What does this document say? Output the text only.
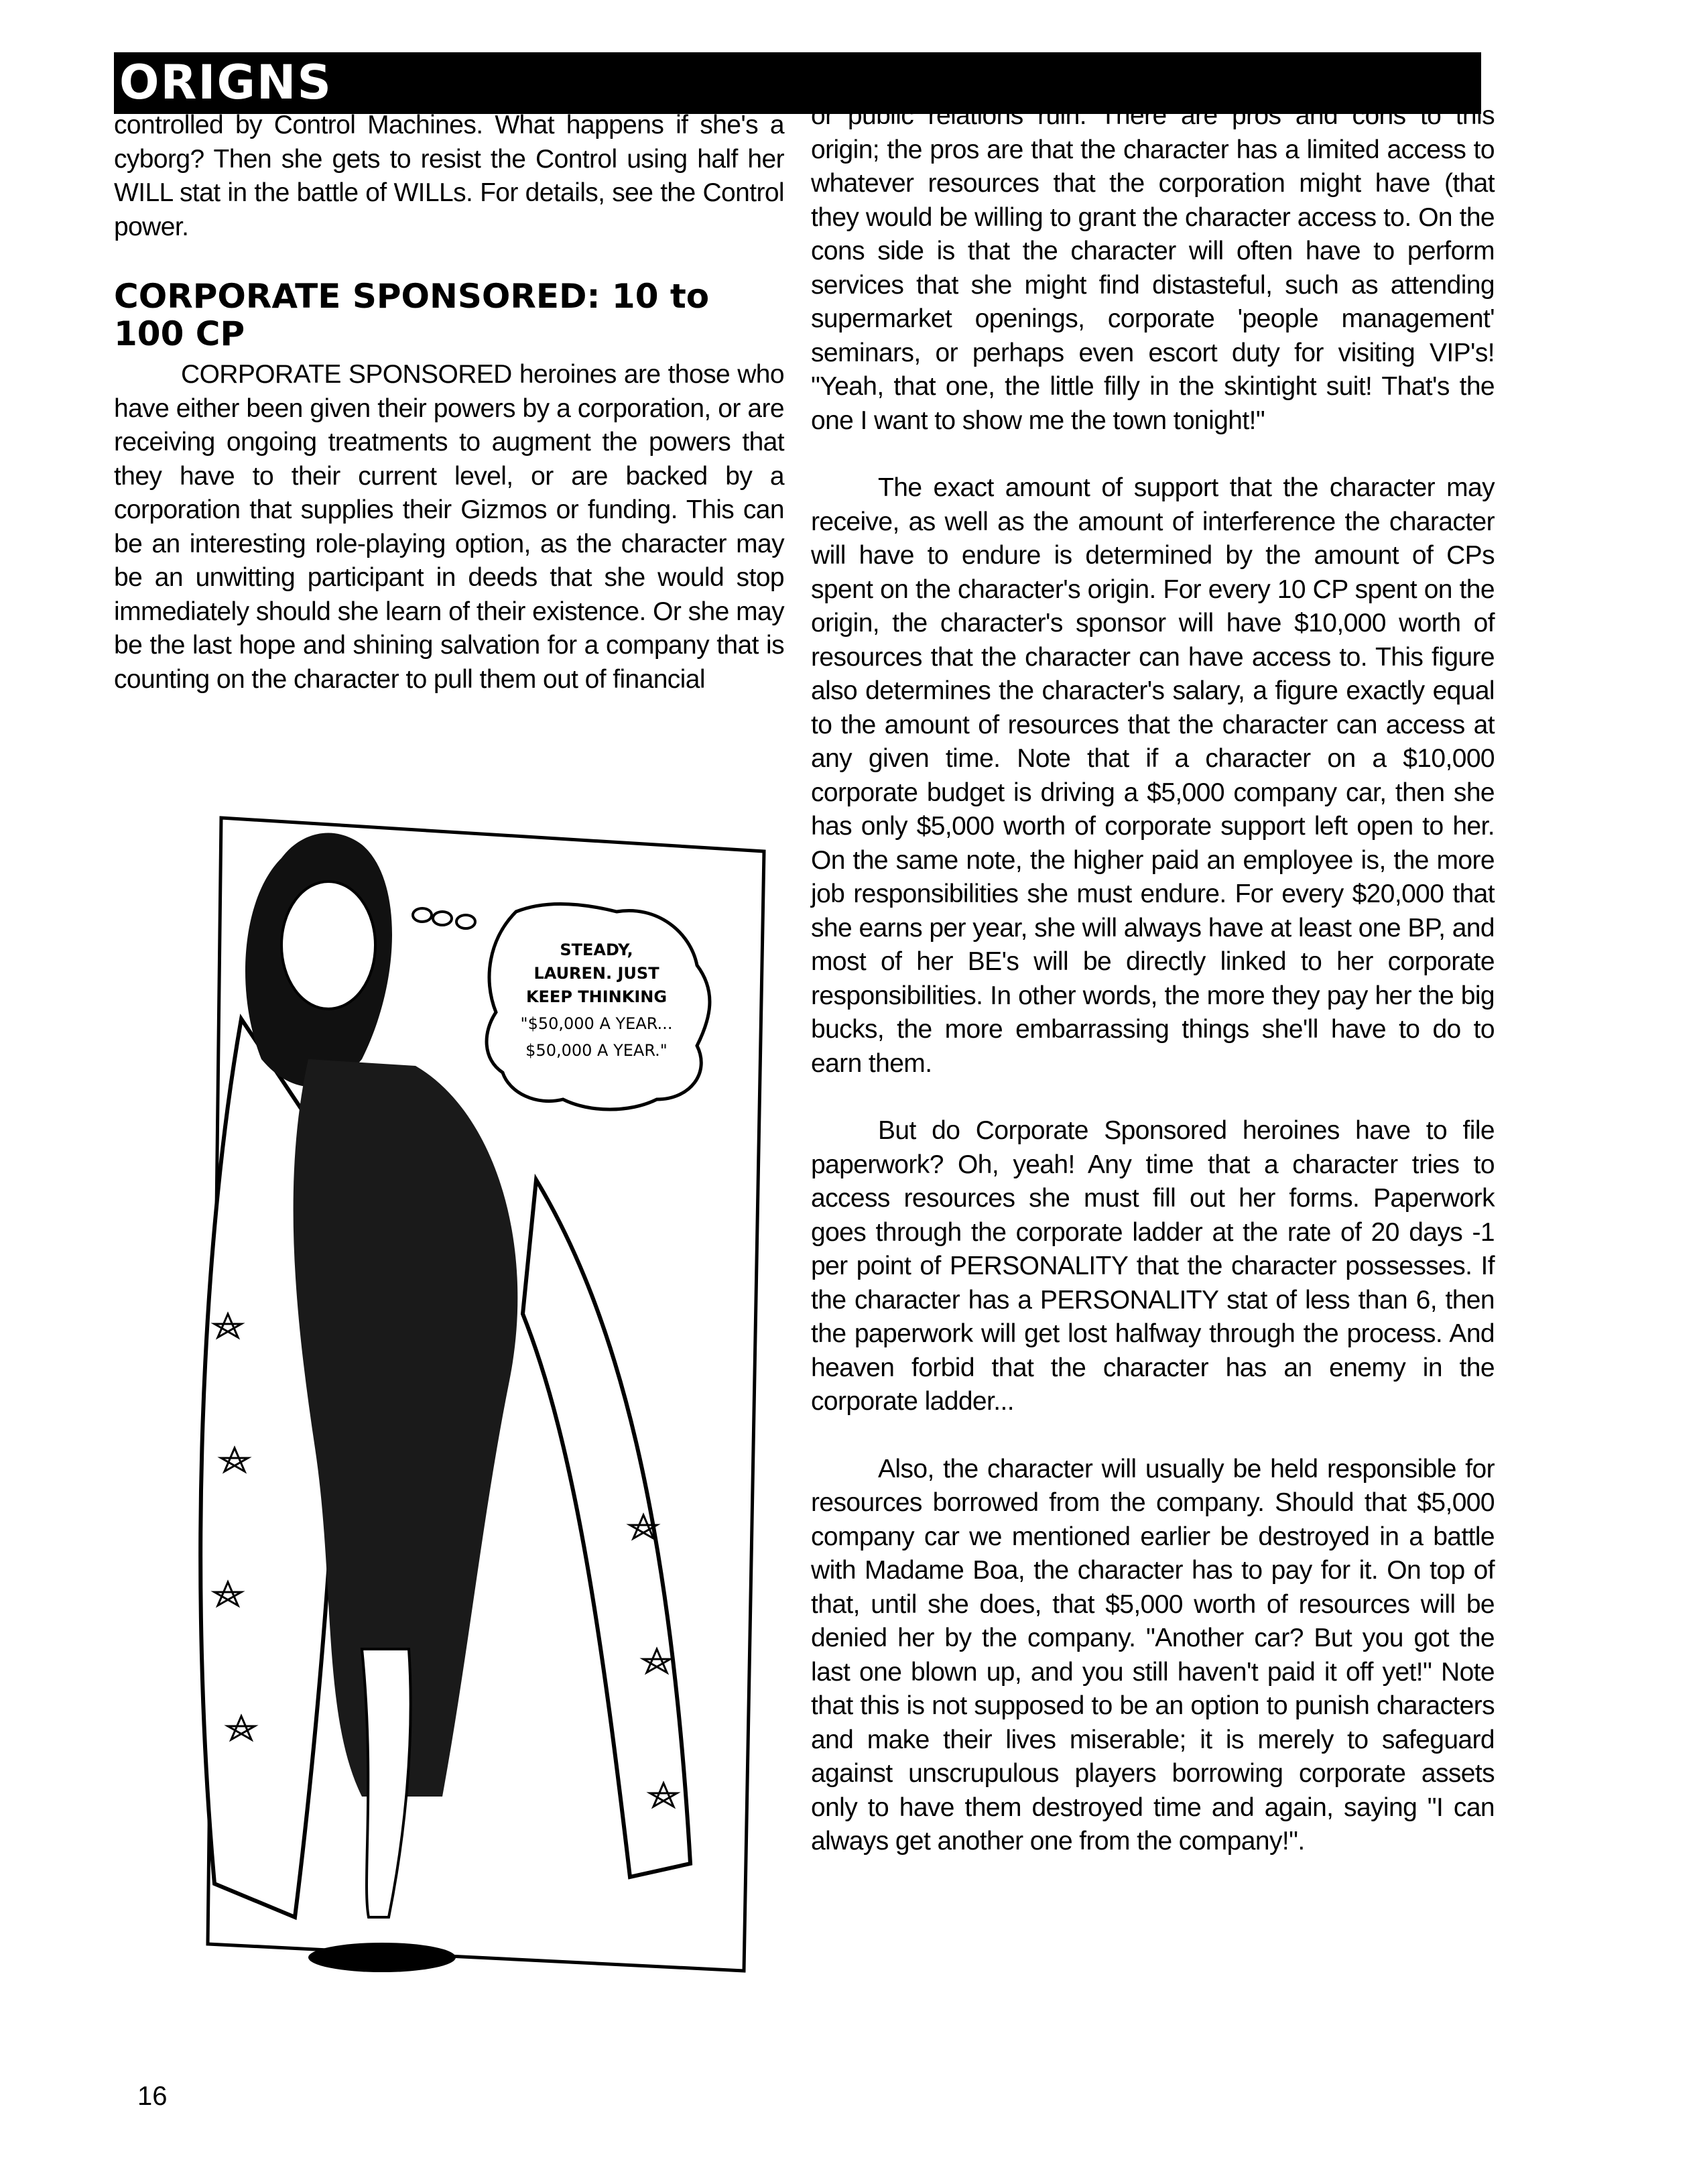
ORIGNS

controlled by Control Machines. What happens if she's a cyborg? Then she gets to resist the Control using half her WILL stat in the battle of WILLs. For details, see the Control power.

CORPORATE SPONSORED: 10 to 100 CP

CORPORATE SPONSORED heroines are those who have either been given their powers by a corporation, or are receiving ongoing treatments to augment the powers that they have to their current level, or are backed by a corporation that supplies their Gizmos or funding. This can be an interesting role-playing option, as the character may be an unwitting participant in deeds that she would stop immediately should she learn of their existence. Or she may be the last hope and shining salvation for a company that is counting on the character to pull them out of financial

STEADY,
LAUREN. JUST
KEEP THINKING
"$50,000 A YEAR...
$50,000 A YEAR."

or public relations ruin. There are pros and cons to this origin; the pros are that the character has a limited access to whatever resources that the corporation might have (that they would be willing to grant the character access to. On the cons side is that the character will often have to perform services that she might find distasteful, such as attending supermarket openings, corporate 'people management' seminars, or perhaps even escort duty for visiting VIP's! "Yeah, that one, the little filly in the skintight suit! That's the one I want to show me the town tonight!"

The exact amount of support that the character may receive, as well as the amount of interference the character will have to endure is determined by the amount of CPs spent on the character's origin. For every 10 CP spent on the origin, the character's sponsor will have $10,000 worth of resources that the character can have access to. This figure also determines the character's salary, a figure exactly equal to the amount of resources that the character can access at any given time. Note that if a character on a $10,000 corporate budget is driving a $5,000 company car, then she has only $5,000 worth of corporate support left open to her. On the same note, the higher paid an employee is, the more job responsibilities she must endure. For every $20,000 that she earns per year, she will always have at least one BP, and most of her BE's will be directly linked to her corporate responsibilities. In other words, the more they pay her the big bucks, the more embarrassing things she'll have to do to earn them.

But do Corporate Sponsored heroines have to file paperwork? Oh, yeah! Any time that a character tries to access resources she must fill out her forms. Paperwork goes through the corporate ladder at the rate of 20 days -1 per point of PERSONALITY that the character possesses. If the character has a PERSONALITY stat of less than 6, then the paperwork will get lost halfway through the process. And heaven forbid that the character has an enemy in the corporate ladder...

Also, the character will usually be held responsible for resources borrowed from the company. Should that $5,000 company car we mentioned earlier be destroyed in a battle with Madame Boa, the character has to pay for it. On top of that, until she does, that $5,000 worth of resources will be denied her by the company. "Another car? But you got the last one blown up, and you still haven't paid it off yet!" Note that this is not supposed to be an option to punish characters and make their lives miserable; it is merely to safeguard against unscrupulous players borrowing corporate assets only to have them destroyed time and again, saying "I can always get another one from the company!".

16
